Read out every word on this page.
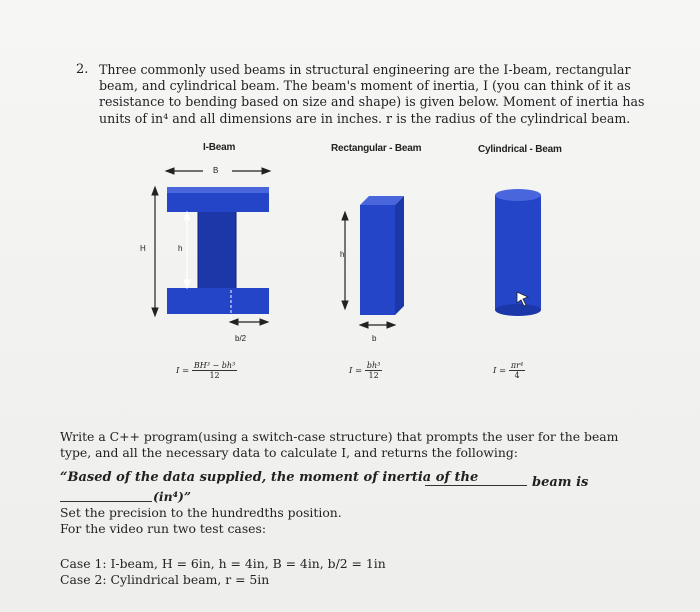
2. Three commonly used beams in structural engineering are the I-beam, rectangular beam, and cylindrical beam. The beam's moment of inertia, I (you can think of it as resistance to bending based on size and shape) is given below. Moment of inertia has units of in⁴ and all dimensions are in inches. r is the radius of the cylindrical beam.
I-Beam	Rectangular - Beam	Cylindrical - Beam
B
H	h
b/2
h
b
$I = \frac{\text{BH³ − bh³}}{12}$	$I = \frac{\text{bh³}}{12}$	$I = \frac{\text{πr⁴}}{4}$
Write a C++ program(using a switch-case structure) that prompts the user for the beam type, and all the necessary data to calculate I, and returns the following:
“Based of the data supplied, the moment of inertia of the	beam is
(in⁴)”
Set the precision to the hundredths position.
For the video run two test cases:
Case 1: I-beam, H = 6in, h = 4in, B = 4in, b/2 = 1in
Case 2: Cylindrical beam, r = 5in
